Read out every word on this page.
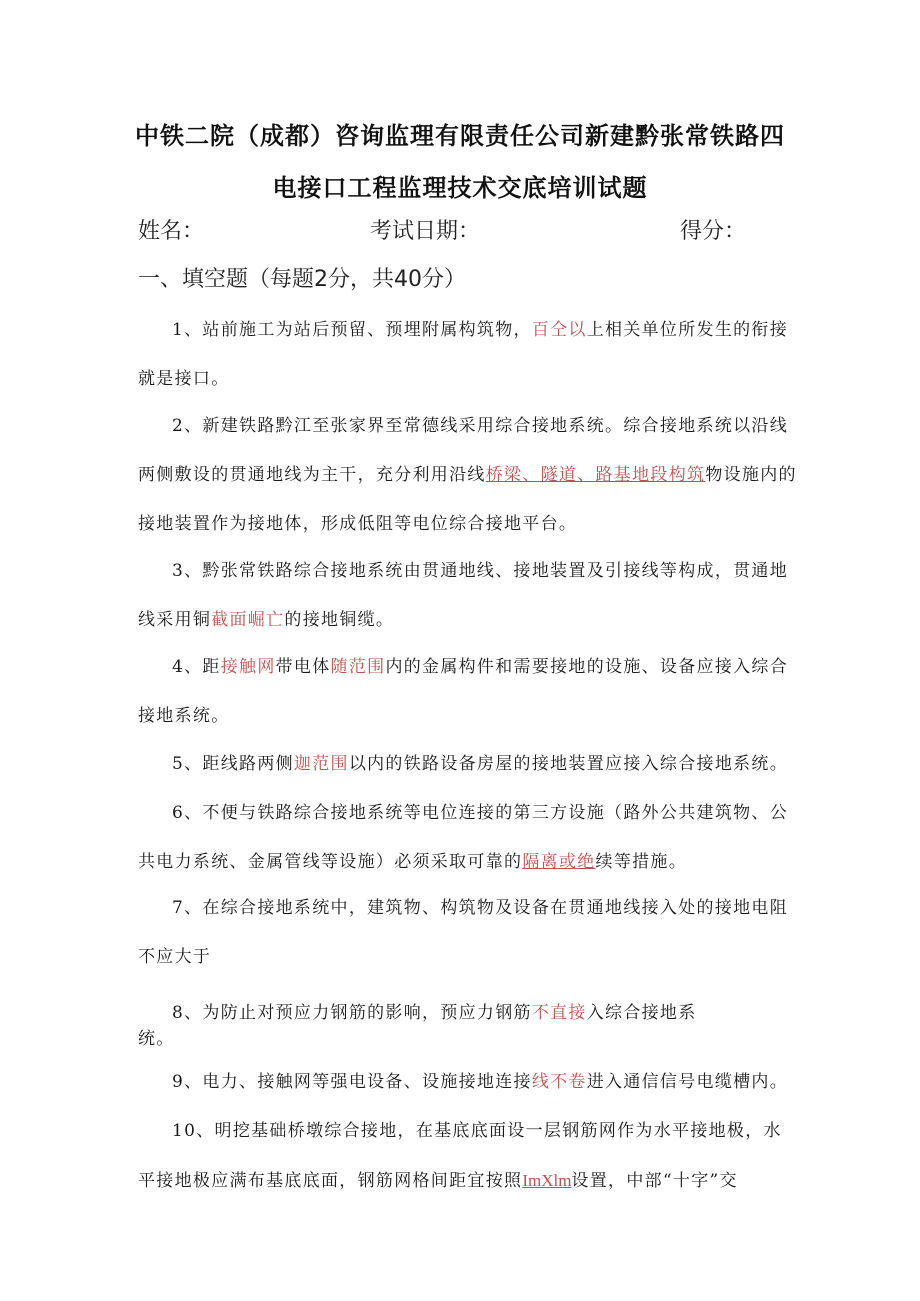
中铁二院（成都）咨询监理有限责任公司新建黔张常铁路四
电接口工程监理技术交底培训试题
姓名：	考试日期：	得分：
一、填空题（每题2分，共40分）
1、站前施工为站后预留、预埋附属构筑物，百仝以上相关单位所发生的衔接就是接口。
2、新建铁路黔江至张家界至常德线采用综合接地系统。综合接地系统以沿线两侧敷设的贯通地线为主干，充分利用沿线桥梁、隧道、路基地段构筑物设施内的接地装置作为接地体，形成低阻等电位综合接地平台。
3、黔张常铁路综合接地系统由贯通地线、接地装置及引接线等构成，贯通地线采用铜截面崛亡的接地铜缆。
4、距接触网带电体随范围内的金属构件和需要接地的设施、设备应接入综合接地系统。
5、距线路两侧迦范围以内的铁路设备房屋的接地装置应接入综合接地系统。
6、不便与铁路综合接地系统等电位连接的第三方设施（路外公共建筑物、公共电力系统、金属管线等设施）必须采取可靠的隔离或绝续等措施。
7、在综合接地系统中，建筑物、构筑物及设备在贯通地线接入处的接地电阻不应大于
8、为防止对预应力钢筋的影响，预应力钢筋不直接入综合接地系
统。
9、电力、接触网等强电设备、设施接地连接线不卷进入通信信号电缆槽内。
10、明挖基础桥墩综合接地，在基底底面设一层钢筋网作为水平接地极，水平接地极应满布基底底面，钢筋网格间距宜按照ImXlm设置，中部“十字”交
